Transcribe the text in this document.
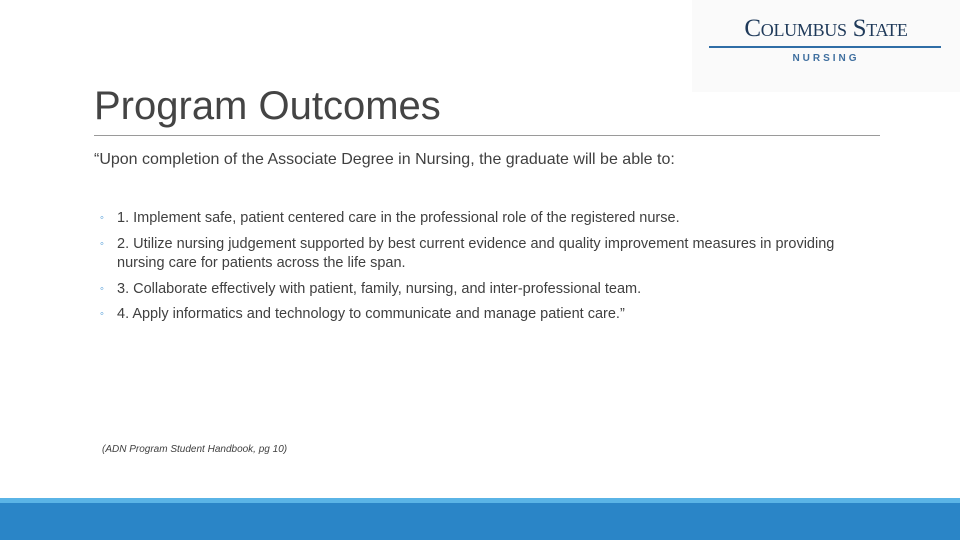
Columbus State
NURSING
Program Outcomes
“Upon completion of the Associate Degree in Nursing, the graduate will be able to:
◦ 1. Implement safe, patient centered care in the professional role of the registered nurse.
◦ 2. Utilize nursing judgement supported by best current evidence and quality improvement measures in providing nursing care for patients across the life span.
◦ 3. Collaborate effectively with patient, family, nursing, and inter-professional team.
◦ 4. Apply informatics and technology to communicate and manage patient care.”
(ADN Program Student Handbook, pg 10)
